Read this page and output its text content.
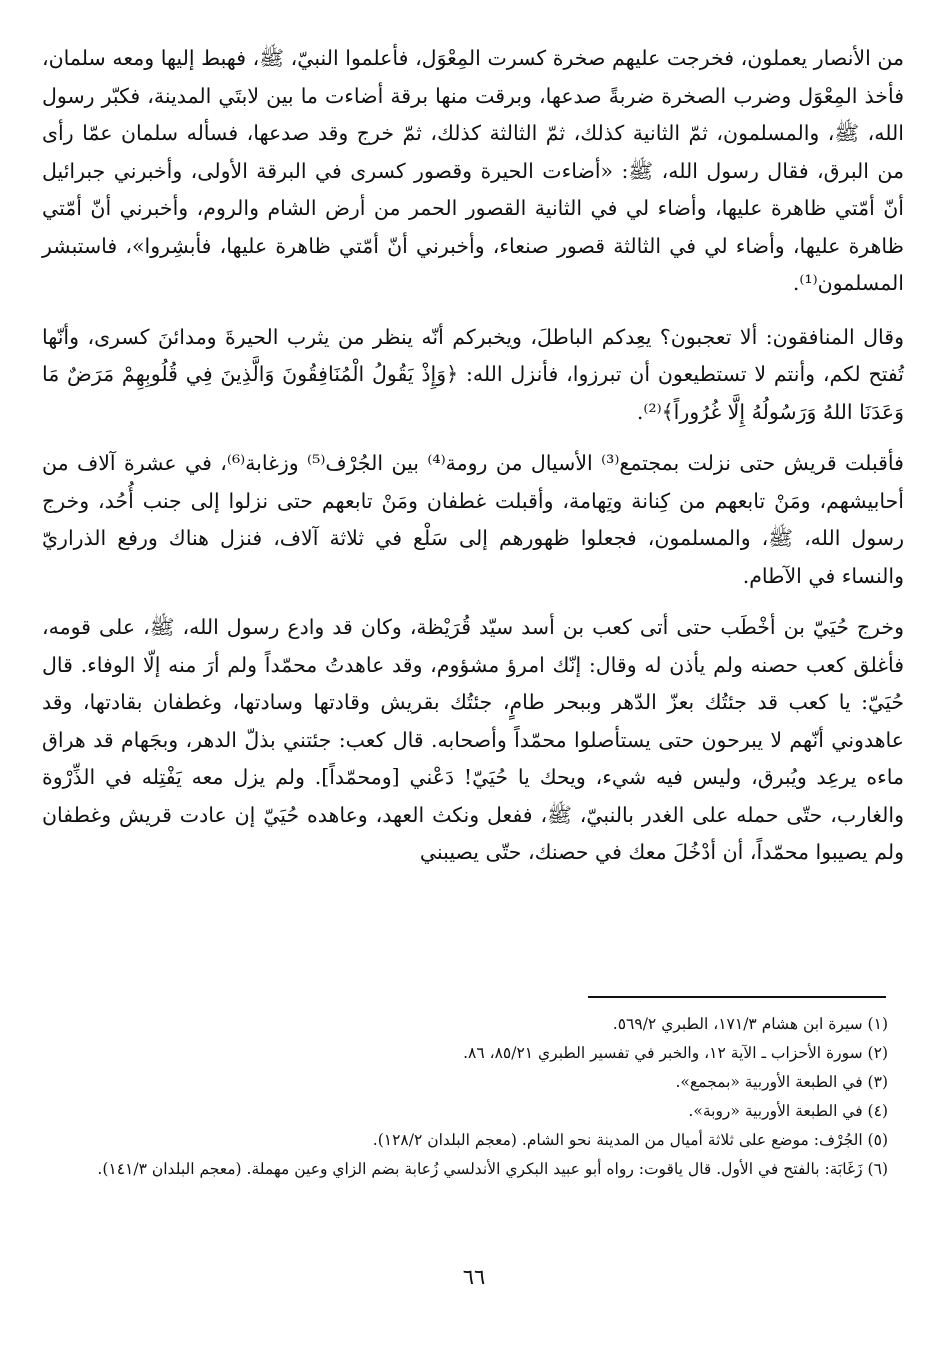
من الأنصار يعملون، فخرجت عليهم صخرة كسرت المِعْوَل، فأعلموا النبيّ، ﷺ، فهبط إليها ومعه سلمان، فأخذ المِعْوَل وضرب الصخرة ضربةً صدعها، وبرقت منها برقة أضاءت ما بين لابتَي المدينة، فكبّر رسول الله، ﷺ، والمسلمون، ثمّ الثانية كذلك، ثمّ الثالثة كذلك، ثمّ خرج وقد صدعها، فسأله سلمان عمّا رأى من البرق، فقال رسول الله، ﷺ: «أضاءت الحيرة وقصور كسرى في البرقة الأولى، وأخبرني جبرائيل أنّ أمّتي ظاهرة عليها، وأضاء لي في الثانية القصور الحمر من أرض الشام والروم، وأخبرني أنّ أمّتي ظاهرة عليها، وأضاء لي في الثالثة قصور صنعاء، وأخبرني أنّ أمّتي ظاهرة عليها، فأبشِروا»، فاستبشر المسلمون⁽¹⁾.

وقال المنافقون: ألا تعجبون؟ يعِدكم الباطلَ، ويخبركم أنّه ينظر من يثرب الحيرةَ ومدائنَ كسرى، وأنّها تُفتح لكم، وأنتم لا تستطيعون أن تبرزوا، فأنزل الله: ﴿وَإِذْ يَقُولُ الْمُنَافِقُونَ وَالَّذِينَ فِي قُلُوبِهِمْ مَرَضٌ مَا وَعَدَنَا اللهُ وَرَسُولُهُ إِلَّا غُرُوراً﴾⁽²⁾.

فأقبلت قريش حتى نزلت بمجتمع⁽³⁾ الأسيال من رومة⁽⁴⁾ بين الجُرْف⁽⁵⁾ وزغابة⁽⁶⁾، في عشرة آلاف من أحابيشهم، ومَنْ تابعهم من كِنانة وتِهامة، وأقبلت غطفان ومَنْ تابعهم حتى نزلوا إلى جنب أُحُد، وخرج رسول الله، ﷺ، والمسلمون، فجعلوا ظهورهم إلى سَلْع في ثلاثة آلاف، فنزل هناك ورفع الذراريّ والنساء في الآطام.

وخرج حُيَيّ بن أخْطَب حتى أتى كعب بن أسد سيّد قُرَيْظة، وكان قد وادع رسول الله، ﷺ، على قومه، فأغلق كعب حصنه ولم يأذن له وقال: إنّك امرؤ مشؤوم، وقد عاهدتُ محمّداً ولم أرَ منه إلّا الوفاء. قال حُيَيّ: يا كعب قد جئتُك بعزّ الدّهر وببحر طامٍ، جئتُك بقريش وقادتها وسادتها، وغطفان بقادتها، وقد عاهدوني أنّهم لا يبرحون حتى يستأصلوا محمّداً وأصحابه. قال كعب: جئتني بذلّ الدهر، وبجَهام قد هراق ماءه يرعِد ويُبرق، وليس فيه شيء، ويحك يا حُيَيّ! دَعْني [ومحمّداً]. ولم يزل معه يَفْتِله في الذِّرْوة والغارب، حتّى حمله على الغدر بالنبيّ، ﷺ، ففعل ونكث العهد، وعاهده حُيَيّ إن عادت قريش وغطفان ولم يصيبوا محمّداً، أن أدْخُلَ معك في حصنك، حتّى يصيبني

(١) سيرة ابن هشام ١٧١/٣، الطبري ٥٦٩/٢.

(٢) سورة الأحزاب ـ الآية ١٢، والخبر في تفسير الطبري ٨٥/٢١، ٨٦.

(٣) في الطبعة الأوربية «بمجمع».

(٤) في الطبعة الأوربية «روبة».

(٥) الجُرْف: موضع على ثلاثة أميال من المدينة نحو الشام. (معجم البلدان ١٢٨/٢).

(٦) زَغَابَة: بالفتح في الأول. قال ياقوت: رواه أبو عبيد البكري الأندلسي زُعابة بضم الزاي وعين مهملة. (معجم البلدان ١٤١/٣).

٦٦
